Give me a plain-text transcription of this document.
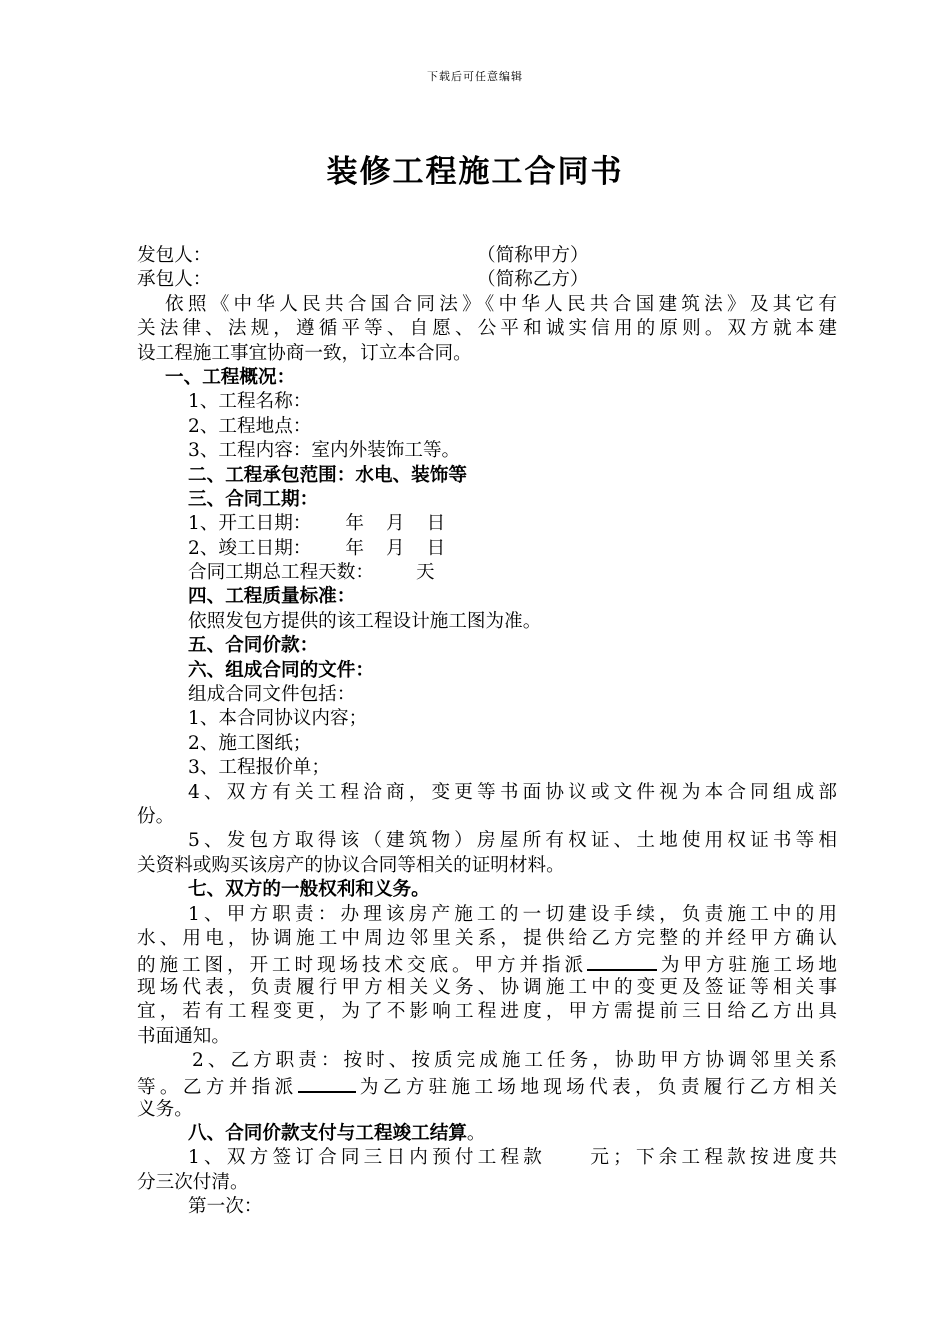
下载后可任意编辑
装修工程施工合同书
发包人：	（简称甲方）
承包人：	（简称乙方）
依照《中华人民共合国合同法》《中华人民共合国建筑法》及其它有
关法律、法规，遵循平等、自愿、公平和诚实信用的原则。双方就本建
设工程施工事宜协商一致，订立本合同。
一、工程概况：
1、工程名称：
2、工程地点：
3、工程内容：室内外装饰工等。
二、工程承包范围：水电、装饰等
三、合同工期：
1、开工日期： 年 月 日
2、竣工日期： 年 月 日
合同工期总工程天数： 天
四、工程质量标准：
依照发包方提供的该工程设计施工图为准。
五、合同价款：
六、组成合同的文件：
组成合同文件包括：
1、本合同协议内容；
2、施工图纸；
3、工程报价单；
4、双方有关工程洽商，变更等书面协议或文件视为本合同组成部
份。
5、发包方取得该（建筑物）房屋所有权证、土地使用权证书等相
关资料或购买该房产的协议合同等相关的证明材料。
七、双方的一般权利和义务。
1、甲方职责：办理该房产施工的一切建设手续，负责施工中的用
水、用电，协调施工中周边邻里关系，提供给乙方完整的并经甲方确认
的施工图，开工时现场技术交底。甲方并指派	为甲方驻施工场地
现场代表，负责履行甲方相关义务、协调施工中的变更及签证等相关事
宜，若有工程变更，为了不影响工程进度，甲方需提前三日给乙方出具
书面通知。
2、乙方职责：按时、按质完成施工任务，协助甲方协调邻里关系
等。乙方并指派	为乙方驻施工场地现场代表，负责履行乙方相关
义务。
八、合同价款支付与工程竣工结算。
1、双方签订合同三日内预付工程款 元；下余工程款按进度共
分三次付清。
第一次：
